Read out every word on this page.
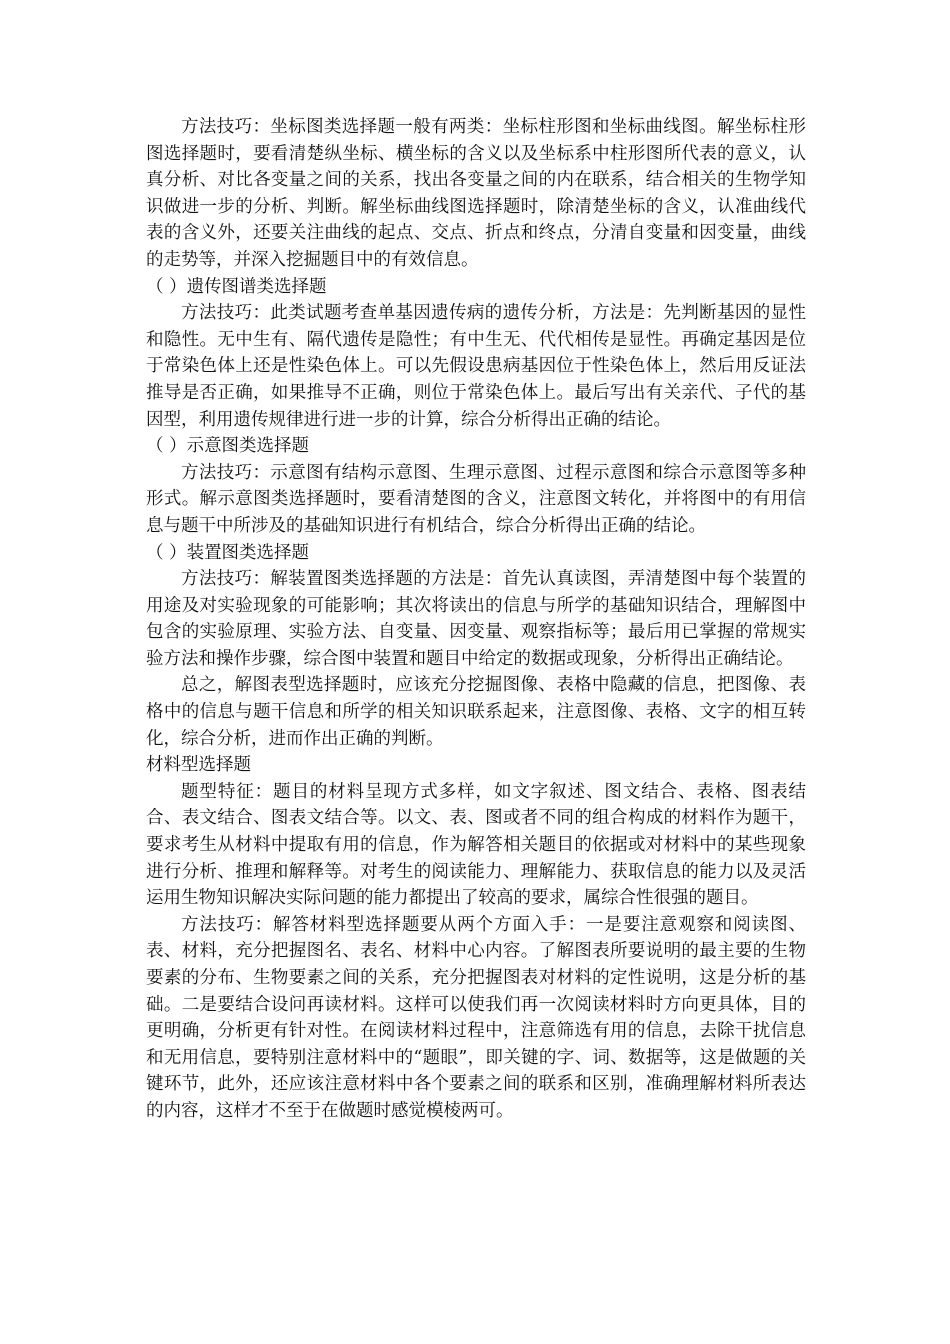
方法技巧：坐标图类选择题一般有两类：坐标柱形图和坐标曲线图。解坐标柱形图选择题时，要看清楚纵坐标、横坐标的含义以及坐标系中柱形图所代表的意义，认真分析、对比各变量之间的关系，找出各变量之间的内在联系，结合相关的生物学知识做进一步的分析、判断。解坐标曲线图选择题时，除清楚坐标的含义，认准曲线代表的含义外，还要关注曲线的起点、交点、折点和终点，分清自变量和因变量，曲线的走势等，并深入挖掘题目中的有效信息。

（ ）遗传图谱类选择题

方法技巧：此类试题考查单基因遗传病的遗传分析，方法是：先判断基因的显性和隐性。无中生有、隔代遗传是隐性；有中生无、代代相传是显性。再确定基因是位于常染色体上还是性染色体上。可以先假设患病基因位于性染色体上，然后用反证法推导是否正确，如果推导不正确，则位于常染色体上。最后写出有关亲代、子代的基因型，利用遗传规律进行进一步的计算，综合分析得出正确的结论。

（ ）示意图类选择题

方法技巧：示意图有结构示意图、生理示意图、过程示意图和综合示意图等多种形式。解示意图类选择题时，要看清楚图的含义，注意图文转化，并将图中的有用信息与题干中所涉及的基础知识进行有机结合，综合分析得出正确的结论。

（ ）装置图类选择题

方法技巧：解装置图类选择题的方法是：首先认真读图，弄清楚图中每个装置的用途及对实验现象的可能影响；其次将读出的信息与所学的基础知识结合，理解图中包含的实验原理、实验方法、自变量、因变量、观察指标等；最后用已掌握的常规实验方法和操作步骤，综合图中装置和题目中给定的数据或现象，分析得出正确结论。

总之，解图表型选择题时，应该充分挖掘图像、表格中隐藏的信息，把图像、表格中的信息与题干信息和所学的相关知识联系起来，注意图像、表格、文字的相互转化，综合分析，进而作出正确的判断。

材料型选择题

题型特征：题目的材料呈现方式多样，如文字叙述、图文结合、表格、图表结合、表文结合、图表文结合等。以文、表、图或者不同的组合构成的材料作为题干，要求考生从材料中提取有用的信息，作为解答相关题目的依据或对材料中的某些现象进行分析、推理和解释等。对考生的阅读能力、理解能力、获取信息的能力以及灵活运用生物知识解决实际问题的能力都提出了较高的要求，属综合性很强的题目。

方法技巧：解答材料型选择题要从两个方面入手：一是要注意观察和阅读图、表、材料，充分把握图名、表名、材料中心内容。了解图表所要说明的最主要的生物要素的分布、生物要素之间的关系，充分把握图表对材料的定性说明，这是分析的基础。二是要结合设问再读材料。这样可以使我们再一次阅读材料时方向更具体，目的更明确，分析更有针对性。在阅读材料过程中，注意筛选有用的信息，去除干扰信息和无用信息，要特别注意材料中的“题眼”，即关键的字、词、数据等，这是做题的关键环节，此外，还应该注意材料中各个要素之间的联系和区别，准确理解材料所表达的内容，这样才不至于在做题时感觉模棱两可。
